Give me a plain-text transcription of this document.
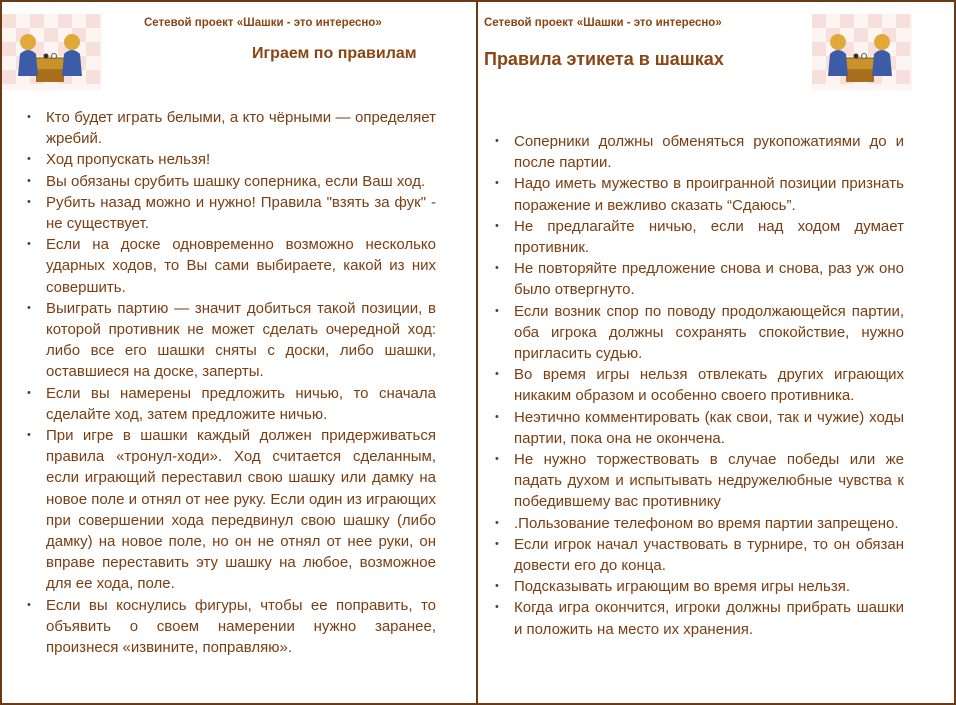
Сетевой проект «Шашки - это интересно»
Играем по правилам
• Кто будет играть белыми, а кто чёрными — определяет жребий.
• Ход пропускать нельзя!
• Вы обязаны срубить шашку соперника, если Ваш ход.
• Рубить назад можно и нужно! Правила "взять за фук" - не существует.
• Если на доске одновременно возможно несколько ударных ходов, то Вы сами выбираете, какой из них совершить.
• Выиграть партию — значит добиться такой позиции, в которой противник не может сделать очередной ход: либо все его шашки сняты с доски, либо шашки, оставшиеся на доске, заперты.
• Если вы намерены предложить ничью, то сначала сделайте ход, затем предложите ничью.
• При игре в шашки каждый должен придерживаться правила «тронул-ходи». Ход считается сделанным, если играющий переставил свою шашку или дамку на новое поле и отнял от нее руку. Если один из играющих при совершении хода передвинул свою шашку (либо дамку) на новое поле, но он не отнял от нее руки, он вправе переставить эту шашку на любое, возможное для ее хода, поле.
• Если вы коснулись фигуры, чтобы ее поправить, то объявить о своем намерении нужно заранее, произнеся «извините, поправляю».
Сетевой проект «Шашки - это интересно»
Правила этикета в шашках
• Соперники должны обменяться рукопожатиями до и после партии.
• Надо иметь мужество в проигранной позиции признать поражение и вежливо сказать “Сдаюсь”.
• Не предлагайте ничью, если над ходом думает противник.
• Не повторяйте предложение снова и снова, раз уж оно было отвергнуто.
• Если возник спор по поводу продолжающейся партии, оба игрока должны сохранять спокойствие, нужно пригласить судью.
• Во время игры нельзя отвлекать других играющих никаким образом и особенно своего противника.
• Неэтично комментировать (как свои, так и чужие) ходы партии, пока она не окончена.
• Не нужно торжествовать в случае победы или же падать духом и испытывать недружелюбные чувства к победившему вас противнику
• .Пользование телефоном во время партии запрещено.
• Если игрок начал участвовать в турнире, то он обязан довести его до конца.
• Подсказывать играющим во время игры нельзя.
• Когда игра окончится, игроки должны прибрать шашки и положить на место их хранения.
